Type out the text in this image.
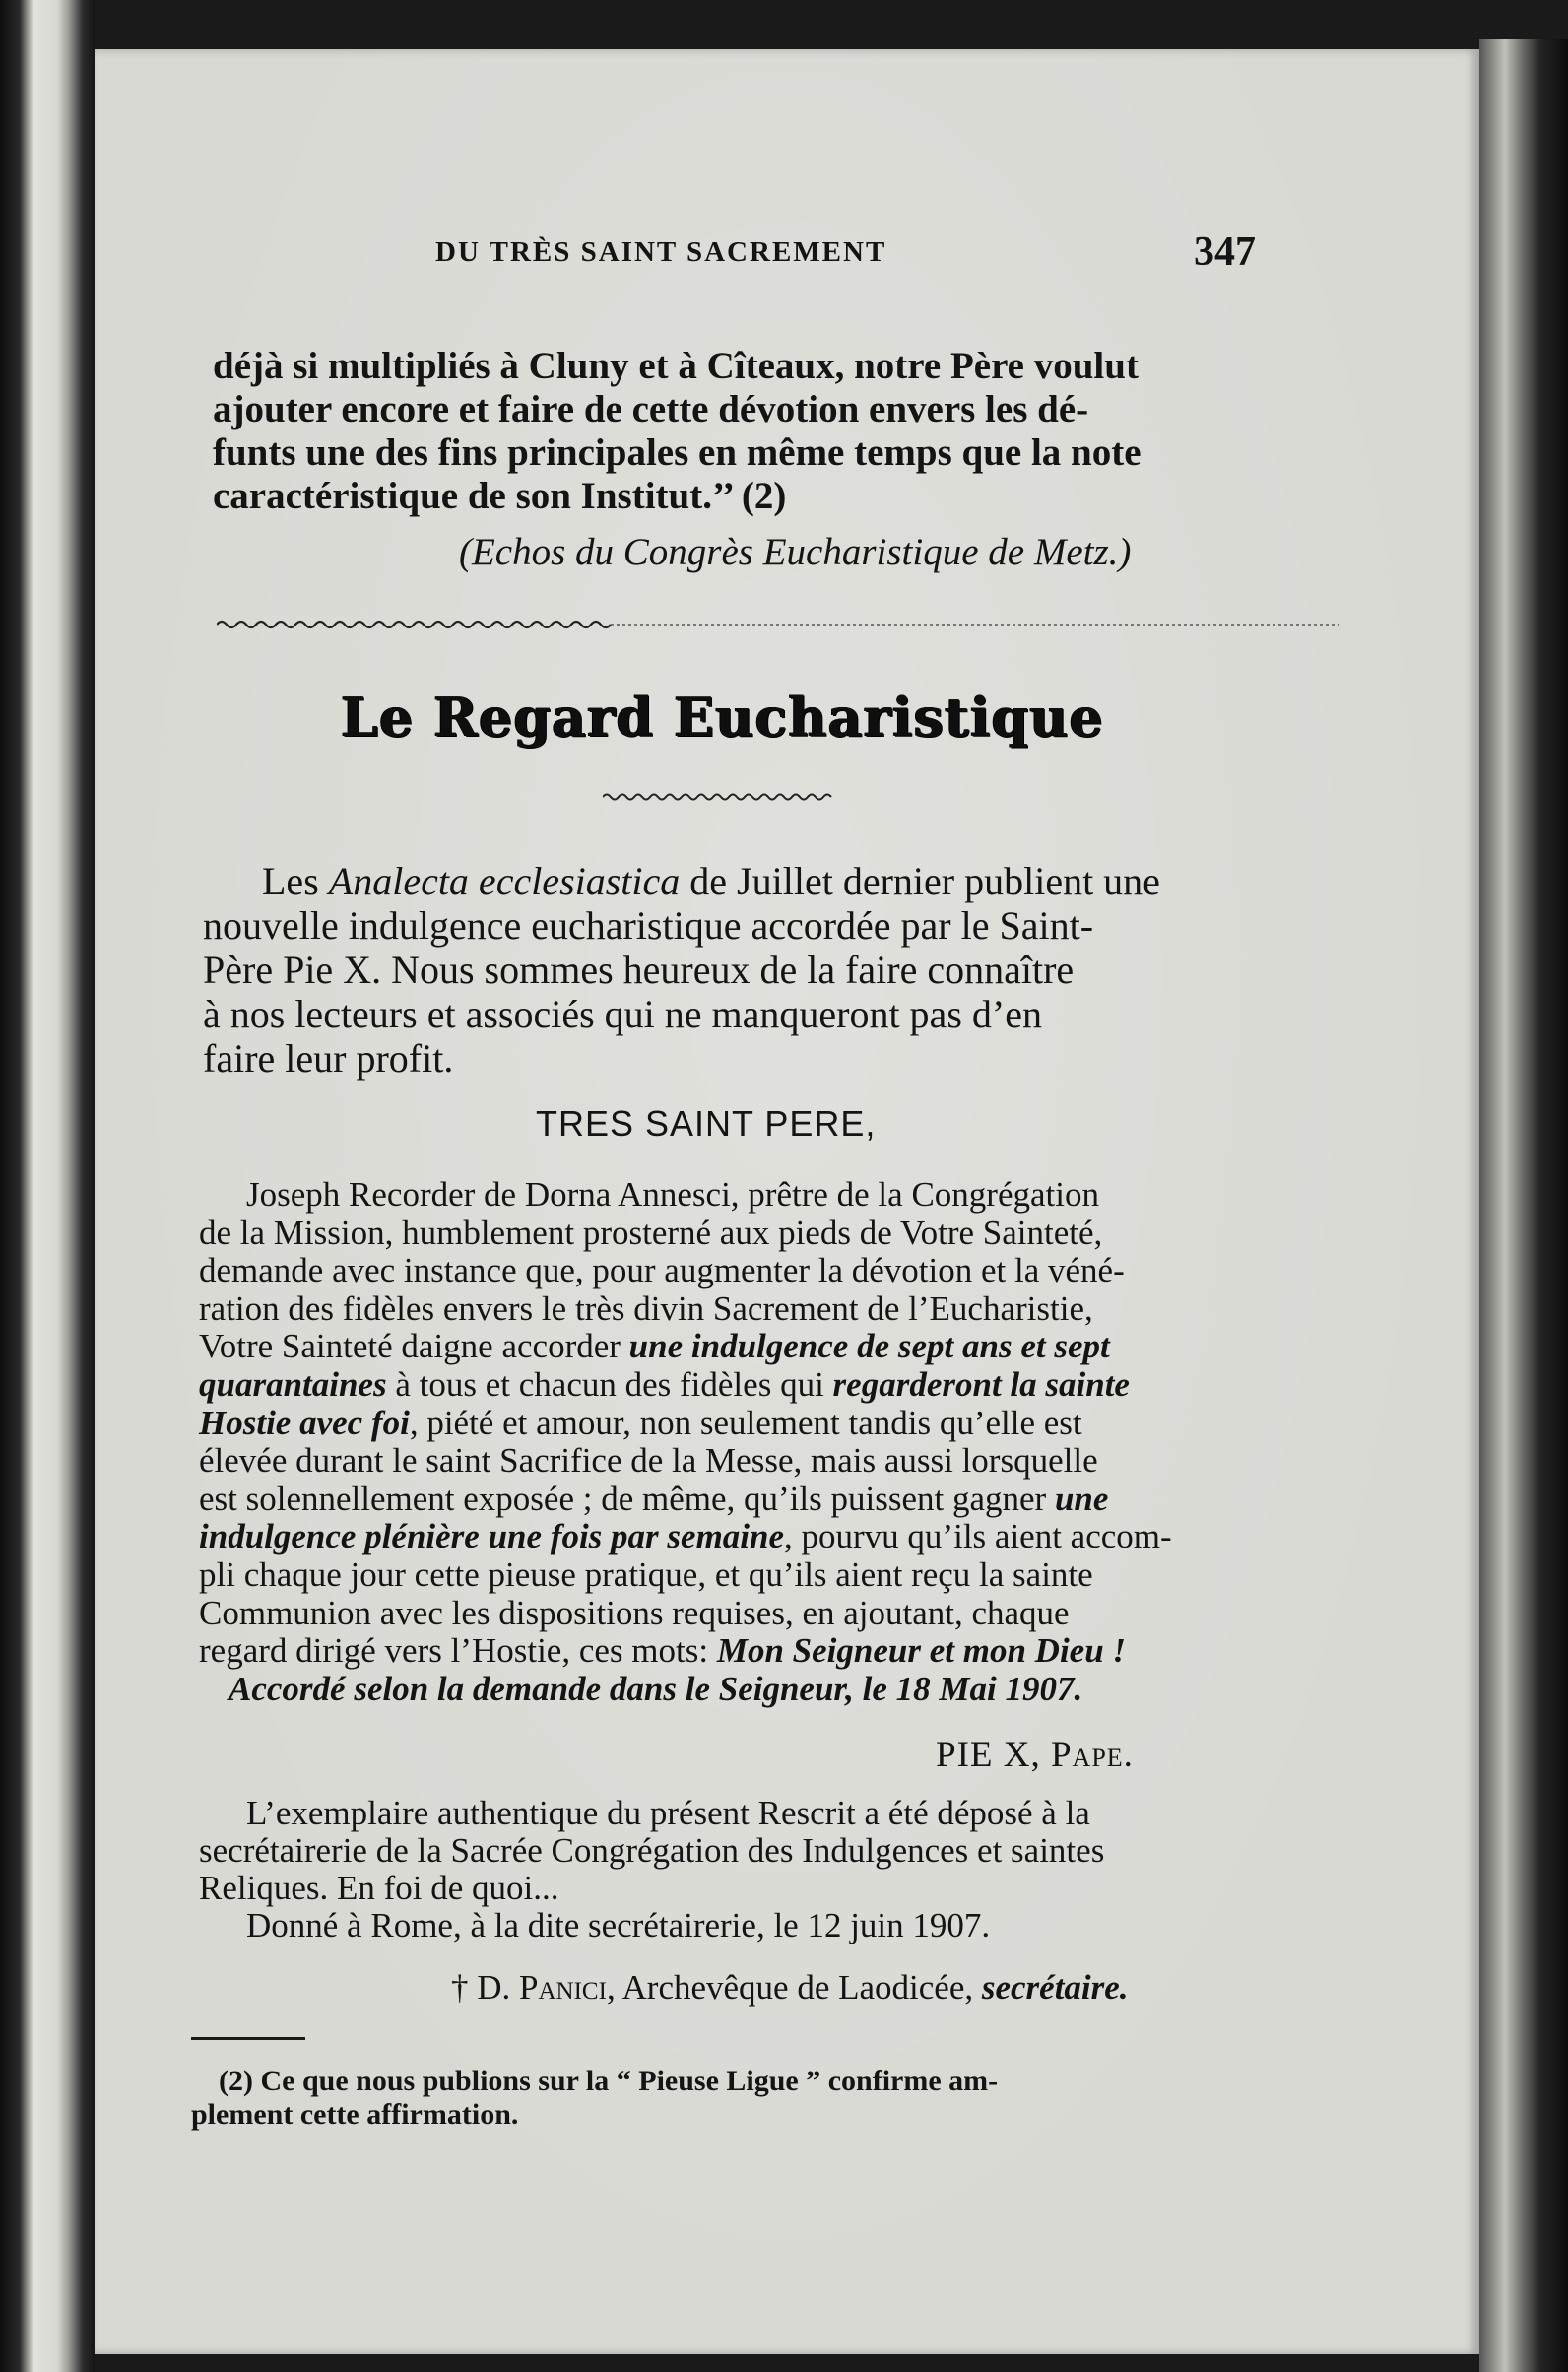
DU TRÈS SAINT SACREMENT	347
déjà si multipliés à Cluny et à Cîteaux, notre Père voulut
ajouter encore et faire de cette dévotion envers les dé-
funts une des fins principales en même temps que la note
caractéristique de son Institut.’’ (2)
(Echos du Congrès Eucharistique de Metz.)
Le Regard Eucharistique
Les Analecta ecclesiastica de Juillet dernier publient une
nouvelle indulgence eucharistique accordée par le Saint-
Père Pie X. Nous sommes heureux de la faire connaître
à nos lecteurs et associés qui ne manqueront pas d’en
faire leur profit.
TRES SAINT PERE,
Joseph Recorder de Dorna Annesci, prêtre de la Congrégation
de la Mission, humblement prosterné aux pieds de Votre Sainteté,
demande avec instance que, pour augmenter la dévotion et la véné-
ration des fidèles envers le très divin Sacrement de l’Eucharistie,
Votre Sainteté daigne accorder une indulgence de sept ans et sept
quarantaines à tous et chacun des fidèles qui regarderont la sainte
Hostie avec foi, piété et amour, non seulement tandis qu’elle est
élevée durant le saint Sacrifice de la Messe, mais aussi lorsquelle
est solennellement exposée ; de même, qu’ils puissent gagner une
indulgence plénière une fois par semaine, pourvu qu’ils aient accom-
pli chaque jour cette pieuse pratique, et qu’ils aient reçu la sainte
Communion avec les dispositions requises, en ajoutant, chaque
regard dirigé vers l’Hostie, ces mots: Mon Seigneur et mon Dieu !
Accordé selon la demande dans le Seigneur, le 18 Mai 1907.
PIE X, Pape.
L’exemplaire authentique du présent Rescrit a été déposé à la
secrétairerie de la Sacrée Congrégation des Indulgences et saintes
Reliques. En foi de quoi...
Donné à Rome, à la dite secrétairerie, le 12 juin 1907.
† D. Panici, Archevêque de Laodicée, secrétaire.
(2) Ce que nous publions sur la “ Pieuse Ligue ” confirme am-
plement cette affirmation.
